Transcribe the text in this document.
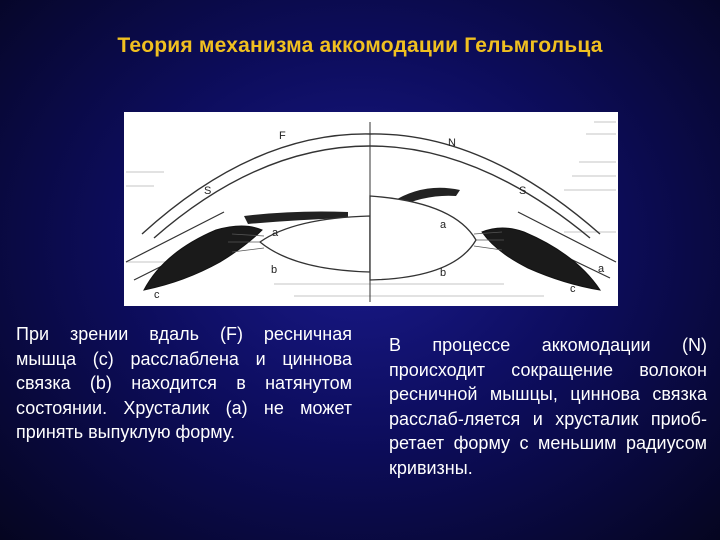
Теория механизма аккомодации Гельмгольца
F
N
S	S
a
a
a
b	b
c	c

При зрении вдаль (F) ресничная мышца (с) расслаблена и циннова связка (b) находится в натянутом состоянии. Хрусталик (а) не может принять выпуклую форму.

В процессе аккомодации (N) происходит сокращение волокон ресничной мышцы, циннова связка расслаб-ляется и хрусталик приоб-ретает форму с меньшим радиусом кривизны.
